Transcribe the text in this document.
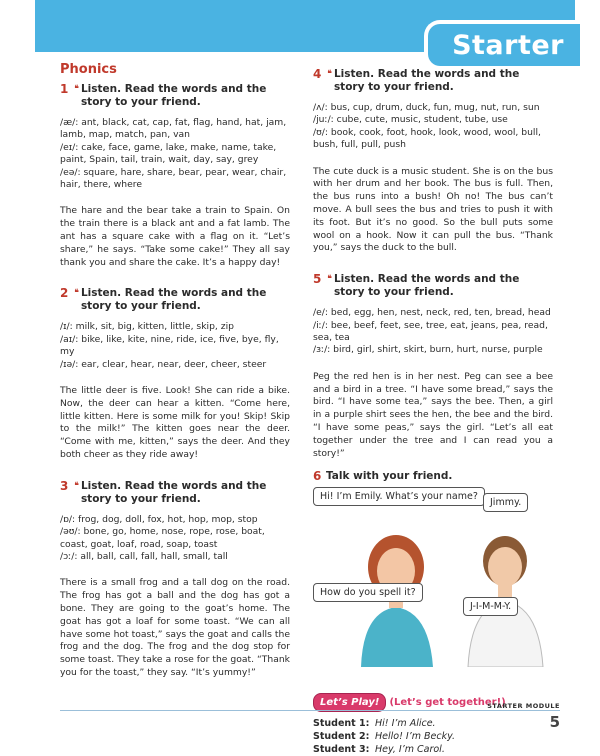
Starter
Phonics
1 ❛❛ Listen. Read the words and the story to your friend.
/æ/: ant, black, cat, cap, fat, flag, hand, hat, jam, lamb, map, match, pan, van
/eɪ/: cake, face, game, lake, make, name, take, paint, Spain, tail, train, wait, day, say, grey
/eə/: square, hare, share, bear, pear, wear, chair, hair, there, where
The hare and the bear take a train to Spain. On the train there is a black ant and a fat lamb. The ant has a square cake with a flag on it. “Let’s share,” he says. “Take some cake!” They all say thank you and share the cake. It’s a happy day!
2 ❛❛ Listen. Read the words and the story to your friend.
/ɪ/: milk, sit, big, kitten, little, skip, zip
/aɪ/: bike, like, kite, nine, ride, ice, five, bye, fly, my
/ɪə/: ear, clear, hear, near, deer, cheer, steer
The little deer is five. Look! She can ride a bike. Now, the deer can hear a kitten. “Come here, little kitten. Here is some milk for you! Skip! Skip to the milk!” The kitten goes near the deer. “Come with me, kitten,” says the deer. And they both cheer as they ride away!
3 ❛❛ Listen. Read the words and the story to your friend.
/ɒ/: frog, dog, doll, fox, hot, hop, mop, stop
/əʊ/: bone, go, home, nose, rope, rose, boat, coast, goat, loaf, road, soap, toast
/ɔː/: all, ball, call, fall, hall, small, tall
There is a small frog and a tall dog on the road. The frog has got a ball and the dog has got a bone. They are going to the goat’s home. The goat has got a loaf for some toast. “We can all have some hot toast,” says the goat and calls the frog and the dog. The frog and the dog stop for some toast. They take a rose for the goat. “Thank you for the toast,” they say. “It’s yummy!”
4 ❛❛ Listen. Read the words and the story to your friend.
/ʌ/: bus, cup, drum, duck, fun, mug, nut, run, sun
/juː/: cube, cute, music, student, tube, use
/ʊ/: book, cook, foot, hook, look, wood, wool, bull, bush, full, pull, push
The cute duck is a music student. She is on the bus with her drum and her book. The bus is full. Then, the bus runs into a bush! Oh no! The bus can’t move. A bull sees the bus and tries to push it with its foot. But it’s no good. So the bull puts some wool on a hook. Now it can pull the bus. “Thank you,” says the duck to the bull.
5 ❛❛ Listen. Read the words and the story to your friend.
/e/: bed, egg, hen, nest, neck, red, ten, bread, head
/iː/: bee, beef, feet, see, tree, eat, jeans, pea, read, sea, tea
/ɜː/: bird, girl, shirt, skirt, burn, hurt, nurse, purple
Peg the red hen is in her nest. Peg can see a bee and a bird in a tree. “I have some bread,” says the bird. “I have some tea,” says the bee. Then, a girl in a purple shirt sees the hen, the bee and the bird. “I have some peas,” says the girl. “Let’s all eat together under the tree and I can read you a story!”
6 Talk with your friend.
Hi! I’m Emily. What’s your name?
Jimmy.
How do you spell it?
J-I-M-M-Y.
Let’s Play!	(Let’s get together!)
Student 1: Hi! I’m Alice.
Student 2: Hello! I’m Becky.
Student 3: Hey, I’m Carol.
STARTER MODULE
5
